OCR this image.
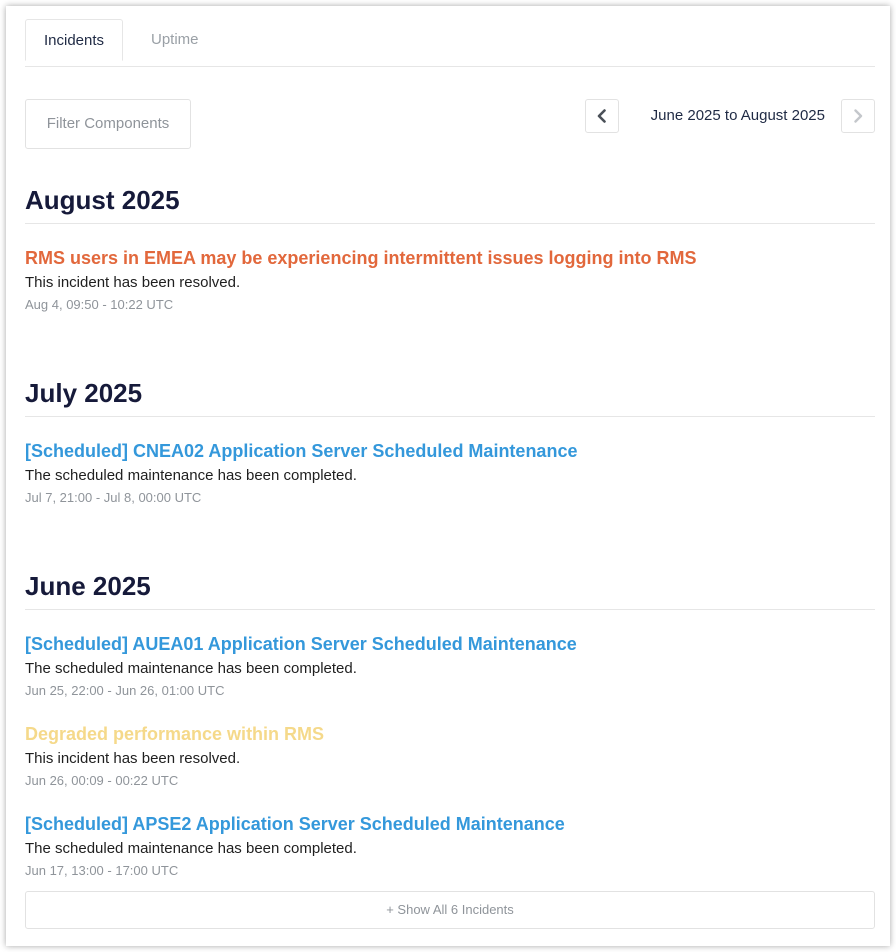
Incidents	Uptime
Filter Components	June 2025 to August 2025
August 2025
RMS users in EMEA may be experiencing intermittent issues logging into RMS
This incident has been resolved.
Aug 4, 09:50 - 10:22 UTC
July 2025
[Scheduled] CNEA02 Application Server Scheduled Maintenance
The scheduled maintenance has been completed.
Jul 7, 21:00 - Jul 8, 00:00 UTC
June 2025
[Scheduled] AUEA01 Application Server Scheduled Maintenance
The scheduled maintenance has been completed.
Jun 25, 22:00 - Jun 26, 01:00 UTC
Degraded performance within RMS
This incident has been resolved.
Jun 26, 00:09 - 00:22 UTC
[Scheduled] APSE2 Application Server Scheduled Maintenance
The scheduled maintenance has been completed.
Jun 17, 13:00 - 17:00 UTC
+ Show All 6 Incidents
